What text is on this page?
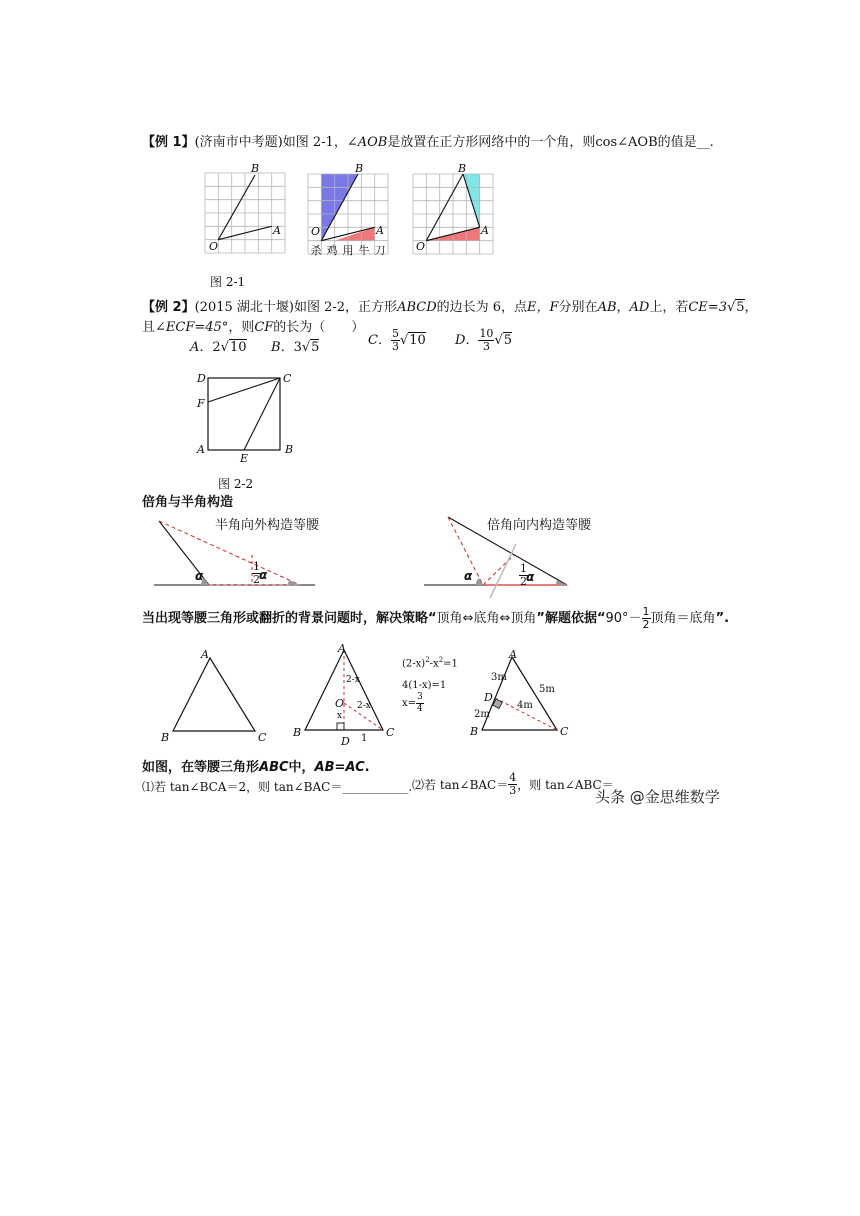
【例 1】(济南市中考题)如图 2-1，∠AOB是放置在正方形网络中的一个角，则cos∠AOB的值是__.
B
O
A
B
O	A
杀 鸡 用 牛 刀
B
O
A
图 2-1
【例 2】(2015 湖北十堰)如图 2-2，正方形ABCD的边长为 6，点E，F分别在AB，AD上，若CE=3√5，
且∠ECF=45°，则CF的长为（　　）
A．2√10 B．3√5	C． $\frac{5}{3} √10$ D． $\frac{10}{3} √5$
D	C
F
A
E
B
图 2-2
倍角与半角构造
半角向外构造等腰
α	$\frac{1}{2}$
α
倍角向内构造等腰
α	$\frac{1}{2}$
α
当出现等腰三角形或翻折的背景问题时，解决策略“顶角⇔底角⇔顶角”解题依据“$90^\circ- \frac{1}{2}$ 顶角＝底角”.
A
B	C
A
O
B
D
C
2-x
2-x
x
1
$(2-x)^2-x^2=1$
4(1-x)=1
$x= \frac{3}{4}$
A
D
B	C
3m
5m
4m
2m
如图，在等腰三角形ABC中，AB=AC.
⑴若 tan∠BCA＝2，则 tan∠BAC＝___________. ⑵若 tan∠BAC＝ $\frac{4}{3}$ ，则 tan∠ABC＝
头条 @金思维数学
